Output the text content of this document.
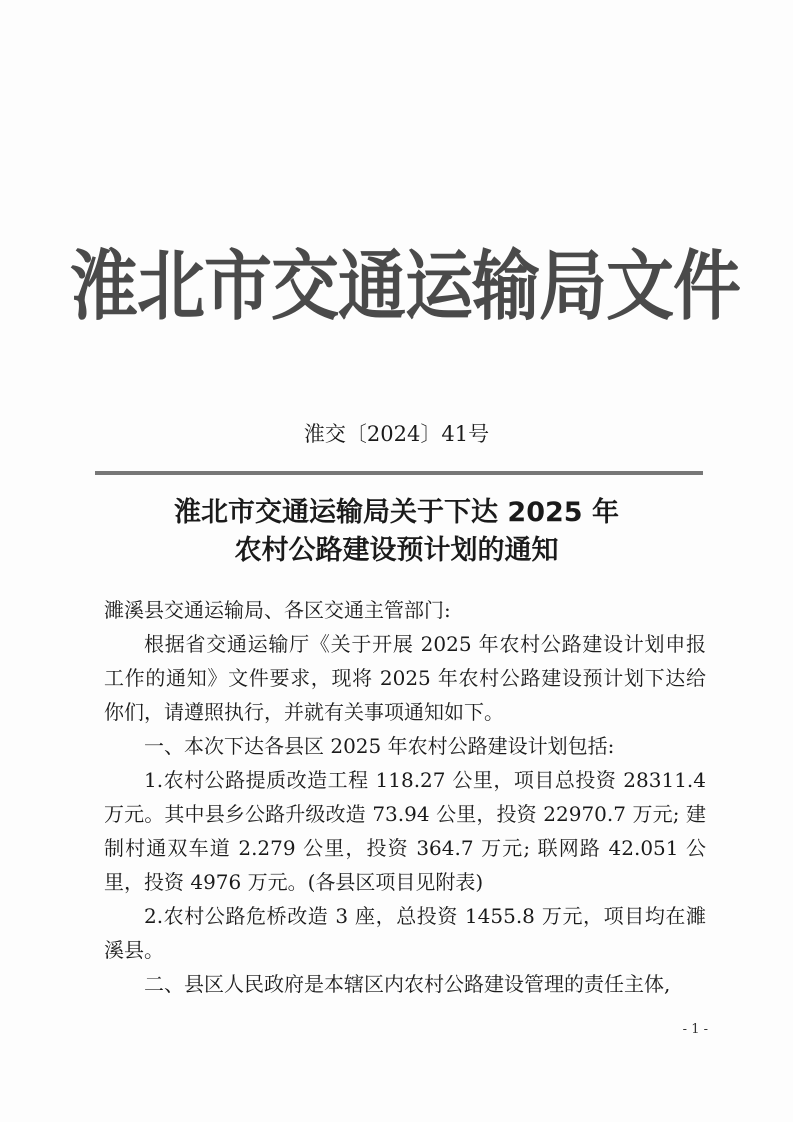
淮北市交通运输局文件
淮交〔2024〕41号
淮北市交通运输局关于下达 2025 年
农村公路建设预计划的通知

濉溪县交通运输局、各区交通主管部门:

根据省交通运输厅《关于开展 2025 年农村公路建设计划申报工作的通知》文件要求，现将 2025 年农村公路建设预计划下达给你们，请遵照执行，并就有关事项通知如下。

一、本次下达各县区 2025 年农村公路建设计划包括:

1.农村公路提质改造工程 118.27 公里，项目总投资 28311.4 万元。其中县乡公路升级改造 73.94 公里，投资 22970.7 万元; 建制村通双车道 2.279 公里，投资 364.7 万元; 联网路 42.051 公里，投资 4976 万元。(各县区项目见附表)

2.农村公路危桥改造 3 座，总投资 1455.8 万元，项目均在濉溪县。

二、县区人民政府是本辖区内农村公路建设管理的责任主体,

- 1 -
